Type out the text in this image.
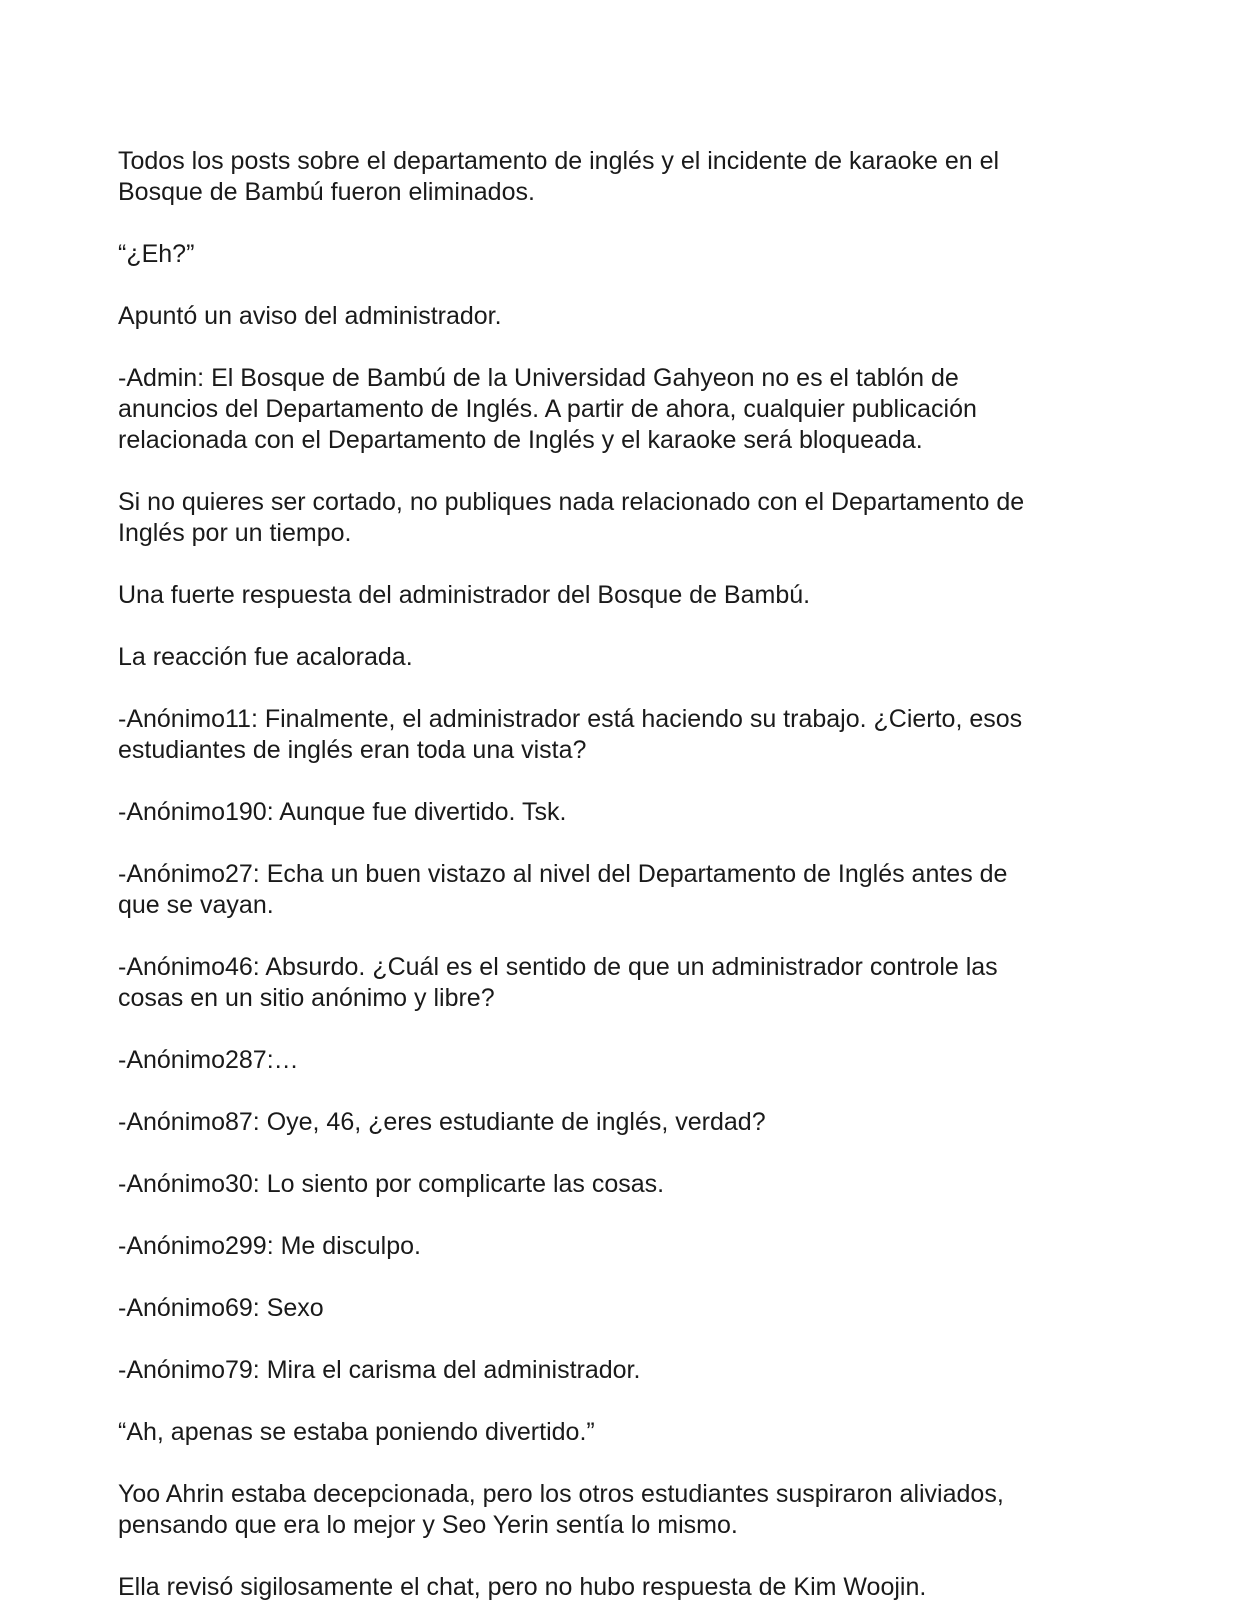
Todos los posts sobre el departamento de inglés y el incidente de karaoke en el
Bosque de Bambú fueron eliminados.

“¿Eh?”

Apuntó un aviso del administrador.

-Admin: El Bosque de Bambú de la Universidad Gahyeon no es el tablón de
anuncios del Departamento de Inglés. A partir de ahora, cualquier publicación
relacionada con el Departamento de Inglés y el karaoke será bloqueada.

Si no quieres ser cortado, no publiques nada relacionado con el Departamento de
Inglés por un tiempo.

Una fuerte respuesta del administrador del Bosque de Bambú.

La reacción fue acalorada.

-Anónimo11: Finalmente, el administrador está haciendo su trabajo. ¿Cierto, esos
estudiantes de inglés eran toda una vista?

-Anónimo190: Aunque fue divertido. Tsk.

-Anónimo27: Echa un buen vistazo al nivel del Departamento de Inglés antes de
que se vayan.

-Anónimo46: Absurdo. ¿Cuál es el sentido de que un administrador controle las
cosas en un sitio anónimo y libre?

-Anónimo287:…

-Anónimo87: Oye, 46, ¿eres estudiante de inglés, verdad?

-Anónimo30: Lo siento por complicarte las cosas.

-Anónimo299: Me disculpo.

-Anónimo69: Sexo

-Anónimo79: Mira el carisma del administrador.

“Ah, apenas se estaba poniendo divertido.”

Yoo Ahrin estaba decepcionada, pero los otros estudiantes suspiraron aliviados,
pensando que era lo mejor y Seo Yerin sentía lo mismo.

Ella revisó sigilosamente el chat, pero no hubo respuesta de Kim Woojin.
